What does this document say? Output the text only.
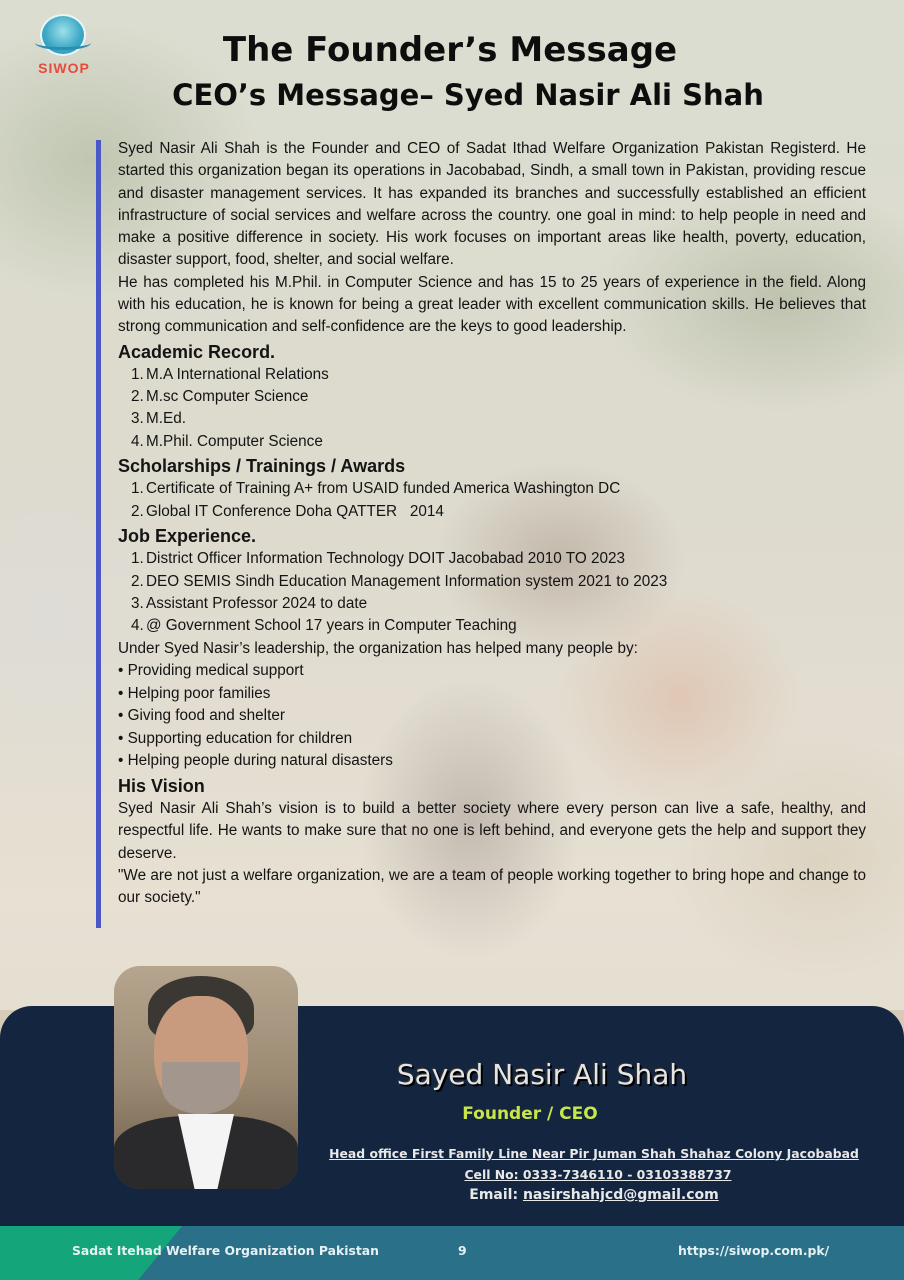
SIWOP	The Founder’s Message
CEO’s Message– Syed Nasir Ali Shah

Syed Nasir Ali Shah is the Founder and CEO of Sadat Ithad Welfare Organization Pakistan Registerd. He started this organization began its operations in Jacobabad, Sindh, a small town in Pakistan, providing rescue and disaster management services. It has expanded its branches and successfully established an efficient infrastructure of social services and welfare across the country. one goal in mind: to help people in need and make a positive difference in society. His work focuses on important areas like health, poverty, education, disaster support, food, shelter, and social welfare.

He has completed his M.Phil. in Computer Science and has 15 to 25 years of experience in the field. Along with his education, he is known for being a great leader with excellent communication skills. He believes that strong communication and self-confidence are the keys to good leadership.

Academic Record.
1. M.A International Relations
2. M.sc Computer Science
3. M.Ed.
4. M.Phil. Computer Science
Scholarships / Trainings / Awards
1. Certificate of Training A+ from USAID funded America Washington DC
2. Global IT Conference Doha QATTER   2014
Job Experience.
1. District Officer Information Technology DOIT Jacobabad 2010 TO 2023
2. DEO SEMIS Sindh Education Management Information system 2021 to 2023
3. Assistant Professor 2024 to date
4. @ Government School 17 years in Computer Teaching

Under Syed Nasir’s leadership, the organization has helped many people by:

• Providing medical support
• Helping poor families
• Giving food and shelter
• Supporting education for children
• Helping people during natural disasters
His Vision

Syed Nasir Ali Shah’s vision is to build a better society where every person can live a safe, healthy, and respectful life. He wants to make sure that no one is left behind, and everyone gets the help and support they deserve.

"We are not just a welfare organization, we are a team of people working together to bring hope and change to our society."

Sayed Nasir Ali Shah
Founder / CEO
Head office First Family Line Near Pir Juman Shah Shahaz Colony Jacobabad
Cell No: 0333-7346110 - 03103388737
Email: nasirshahjcd@gmail.com
Sadat Itehad Welfare Organization Pakistan	9	https://siwop.com.pk/
